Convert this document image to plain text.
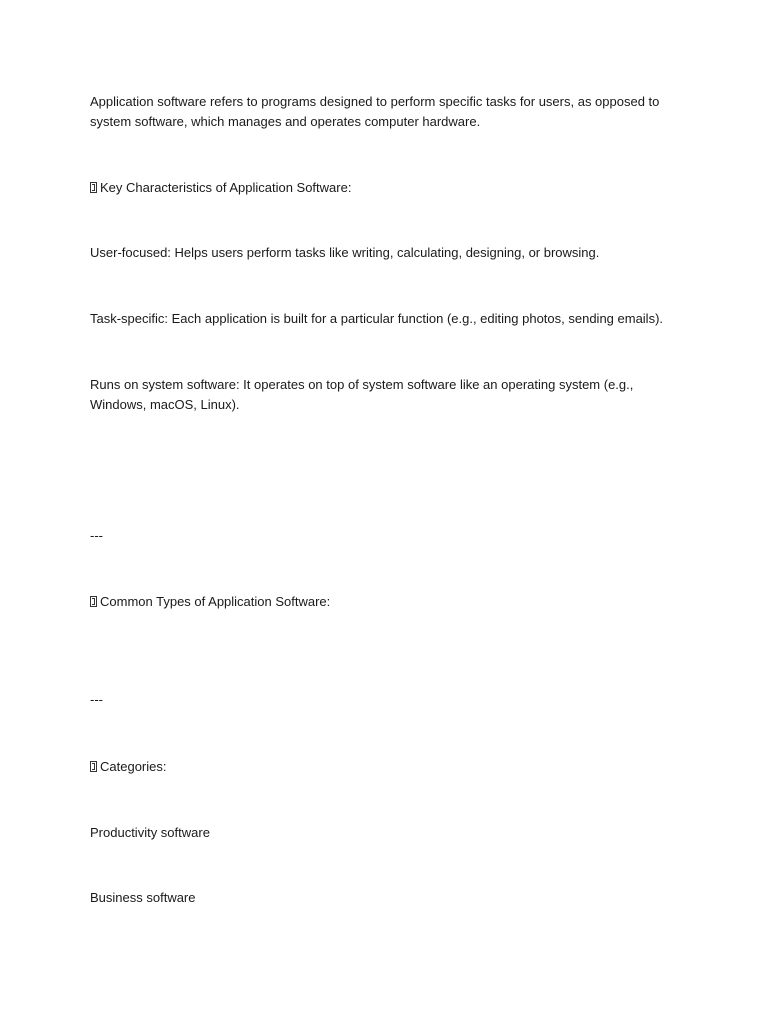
Application software refers to programs designed to perform specific tasks for users, as opposed to system software, which manages and operates computer hardware.

Key Characteristics of Application Software:

User-focused: Helps users perform tasks like writing, calculating, designing, or browsing.

Task-specific: Each application is built for a particular function (e.g., editing photos, sending emails).

Runs on system software: It operates on top of system software like an operating system (e.g., Windows, macOS, Linux).

---

Common Types of Application Software:

---

Categories:

Productivity software

Business software
